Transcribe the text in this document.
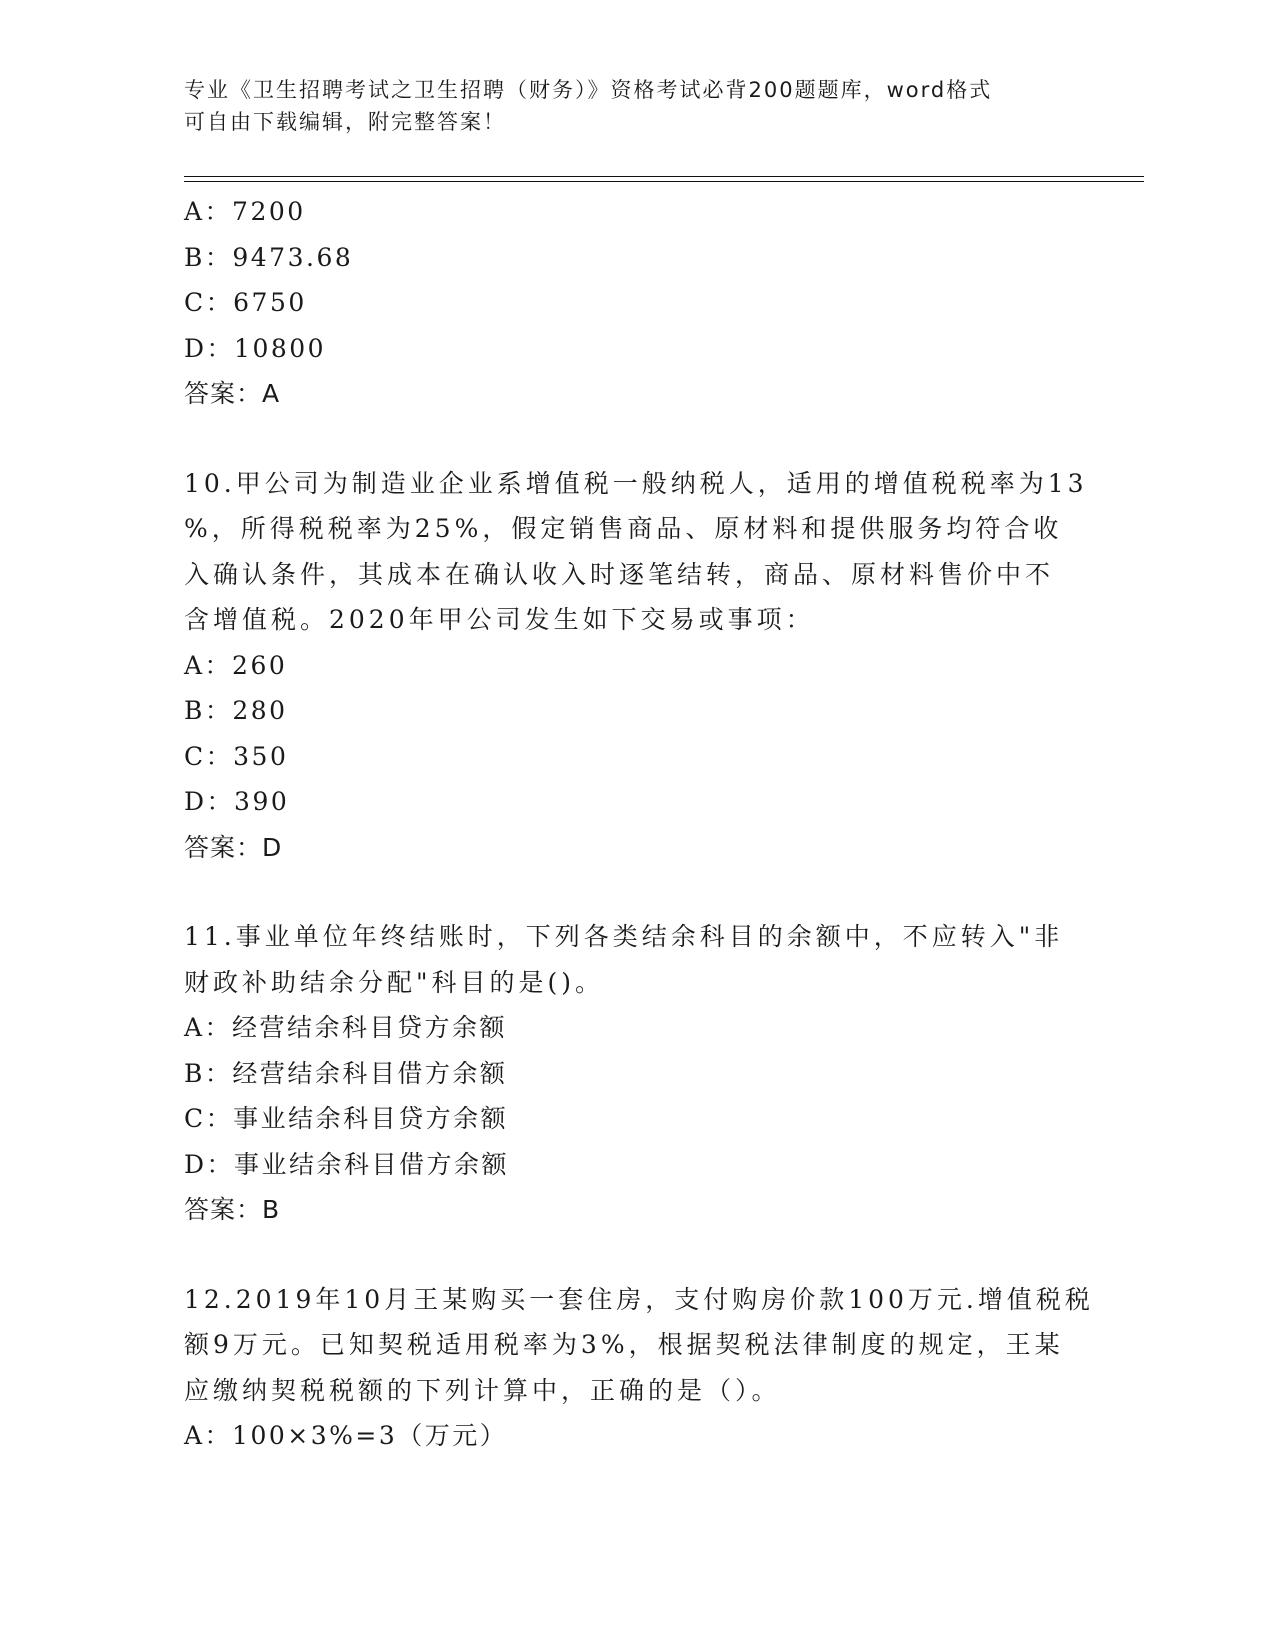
专业《卫生招聘考试之卫生招聘（财务）》资格考试必背200题题库，word格式
可自由下载编辑，附完整答案！
A：7200
B：9473.68
C：6750
D：10800
答案：A
10.甲公司为制造业企业系增值税一般纳税人，适用的增值税税率为13
%，所得税税率为25%，假定销售商品、原材料和提供服务均符合收
入确认条件，其成本在确认收入时逐笔结转，商品、原材料售价中不
含增值税。2020年甲公司发生如下交易或事项：
A：260
B：280
C：350
D：390
答案：D
11.事业单位年终结账时，下列各类结余科目的余额中，不应转入"非
财政补助结余分配"科目的是()。
A：经营结余科目贷方余额
B：经营结余科目借方余额
C：事业结余科目贷方余额
D：事业结余科目借方余额
答案：B
12.2019年10月王某购买一套住房，支付购房价款100万元.增值税税
额9万元。已知契税适用税率为3%，根据契税法律制度的规定，王某
应缴纳契税税额的下列计算中，正确的是（）。
A：100×3%=3（万元）
